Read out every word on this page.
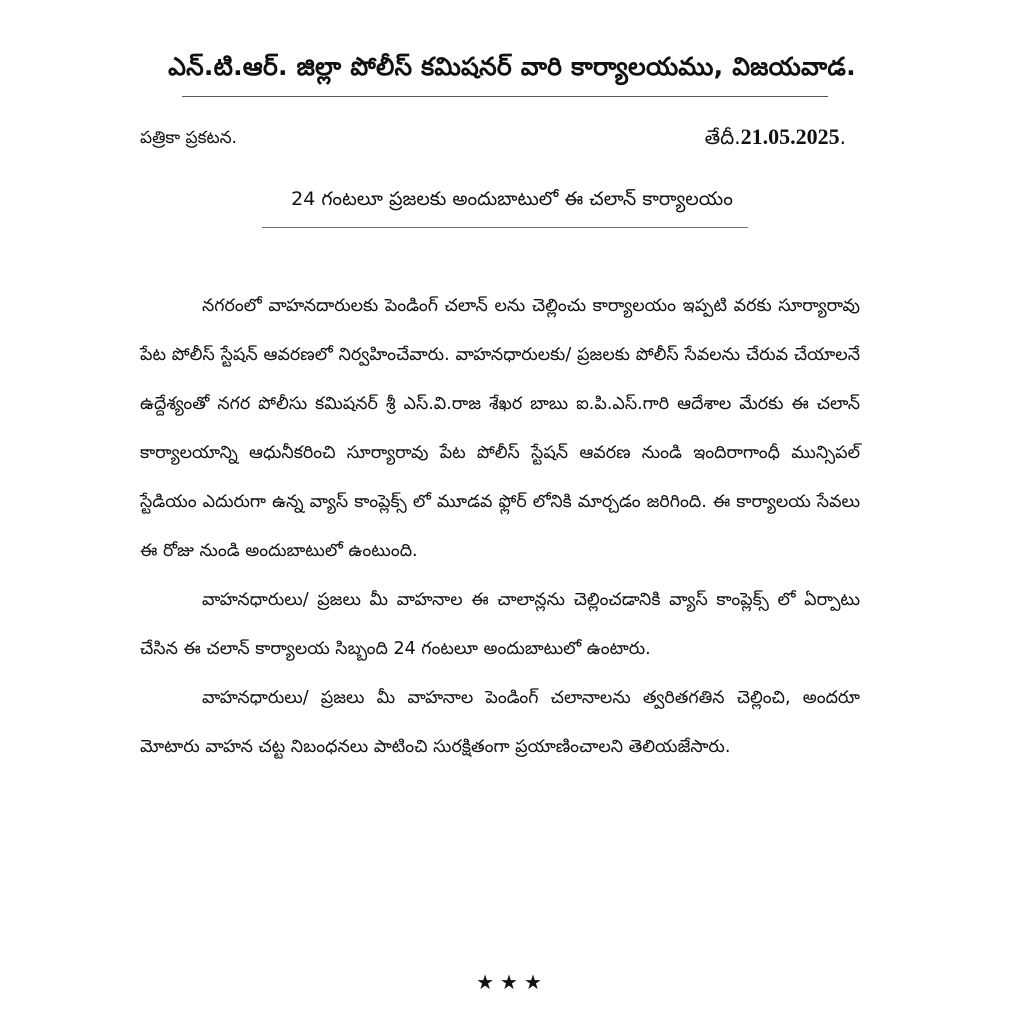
ఎన్.టి.ఆర్. జిల్లా పోలీస్ కమిషనర్ వారి కార్యాలయము, విజయవాడ.
పత్రికా ప్రకటన.	తేదీ.21.05.2025.
24 గంటలూ ప్రజలకు అందుబాటులో ఈ చలాన్ కార్యాలయం

నగరంలో వాహనదారులకు పెండింగ్ చలాన్ లను చెల్లించు కార్యాలయం ఇప్పటి వరకు సూర్యారావు పేట పోలీస్ స్టేషన్ ఆవరణలో నిర్వహించేవారు. వాహనధారులకు/ ప్రజలకు పోలీస్ సేవలను చేరువ చేయాలనే ఉద్దేశ్యంతో నగర పోలీసు కమిషనర్ శ్రీ ఎస్.వి.రాజ శేఖర బాబు ఐ.పి.ఎస్.గారి ఆదేశాల మేరకు ఈ చలాన్ కార్యాలయాన్ని ఆధునీకరించి సూర్యారావు పేట పోలీస్ స్టేషన్ ఆవరణ నుండి ఇందిరాగాంధీ మున్సిపల్ స్టేడియం ఎదురుగా ఉన్న వ్యాస్ కాంప్లెక్స్ లో మూడవ ఫ్లోర్ లోనికి మార్చడం జరిగింది. ఈ కార్యాలయ సేవలు ఈ రోజు నుండి అందుబాటులో ఉంటుంది.

వాహనధారులు/ ప్రజలు మీ వాహనాల ఈ చాలాన్లను చెల్లించడానికి వ్యాస్ కాంప్లెక్స్ లో ఏర్పాటు చేసిన ఈ చలాన్ కార్యాలయ సిబ్బంది 24 గంటలూ అందుబాటులో ఉంటారు.

వాహనధారులు/ ప్రజలు మీ వాహనాల పెండింగ్ చలానాలను త్వరితగతిన చెల్లించి, అందరూ మోటారు వాహన చట్ట నిబంధనలు పాటించి సురక్షితంగా ప్రయాణించాలని తెలియజేసారు.

★★★
